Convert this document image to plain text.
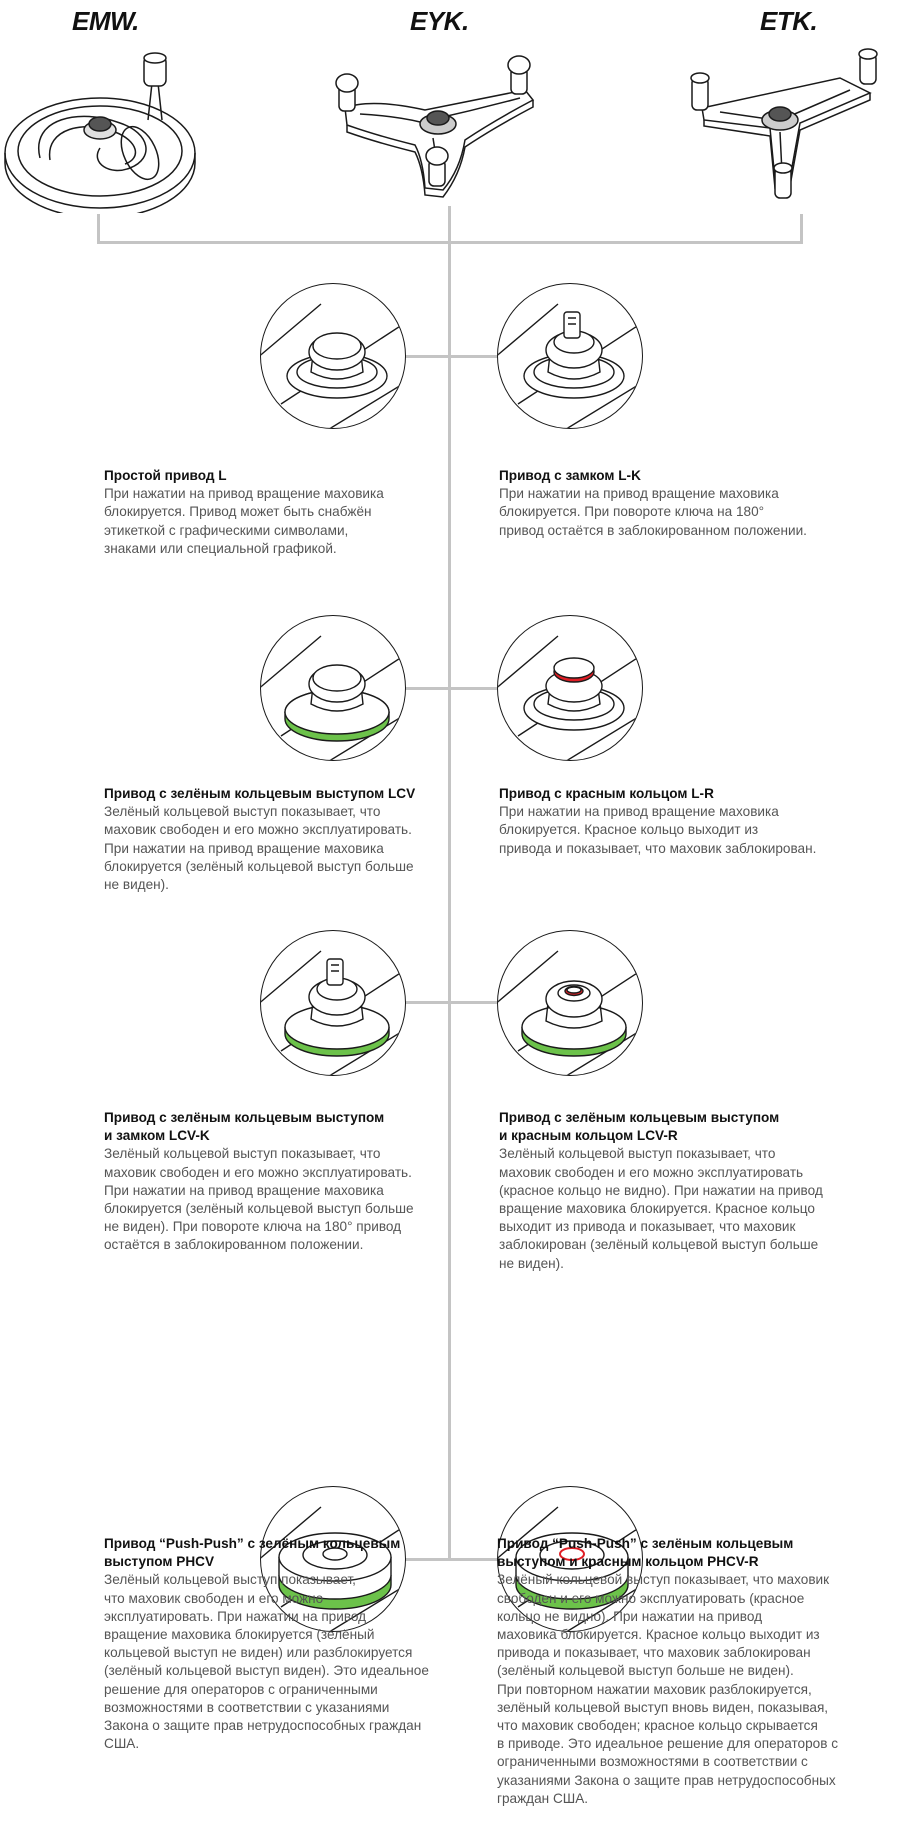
EMW.	EYK.	ETK.
Простой привод L
При нажатии на привод вращение маховика
блокируется. Привод может быть снабжён
этикеткой с графическими символами,
знаками или специальной графикой.
Привод с замком L-K
При нажатии на привод вращение маховика
блокируется. При повороте ключа на 180°
привод остаётся в заблокированном положении.
Привод с зелёным кольцевым выступом LCV
Зелёный кольцевой выступ показывает, что
маховик свободен и его можно эксплуатировать.
При нажатии на привод вращение маховика
блокируется (зелёный кольцевой выступ больше
не виден).
Привод с красным кольцом L-R
При нажатии на привод вращение маховика
блокируется. Красное кольцо выходит из
привода и показывает, что маховик заблокирован.
Привод с зелёным кольцевым выступом
и замком LCV-K
Зелёный кольцевой выступ показывает, что
маховик свободен и его можно эксплуатировать.
При нажатии на привод вращение маховика
блокируется (зелёный кольцевой выступ больше
не виден). При повороте ключа на 180° привод
остаётся в заблокированном положении.
Привод с зелёным кольцевым выступом
и красным кольцом LCV-R
Зелёный кольцевой выступ показывает, что
маховик свободен и его можно эксплуатировать
(красное кольцо не видно). При нажатии на привод
вращение маховика блокируется. Красное кольцо
выходит из привода и показывает, что маховик
заблокирован (зелёный кольцевой выступ больше
не виден).
Привод “Push-Push” с зелёным кольцевым
выступом PHCV
Зелёный кольцевой выступ показывает,
что маховик свободен и его можно
эксплуатировать. При нажатии на привод
вращение маховика блокируется (зелёный
кольцевой выступ не виден) или разблокируется
(зелёный кольцевой выступ виден). Это идеальное
решение для операторов с ограниченными
возможностями в соответствии с указаниями
Закона о защите прав нетрудоспособных граждан
США.
Привод “Push-Push” с зелёным кольцевым
выступом и красным кольцом PHCV-R
Зелёный кольцевой выступ показывает, что маховик
свободен и его можно эксплуатировать (красное
кольцо не видно). При нажатии на привод
маховика блокируется. Красное кольцо выходит из
привода и показывает, что маховик заблокирован
(зелёный кольцевой выступ больше не виден).
При повторном нажатии маховик разблокируется,
зелёный кольцевой выступ вновь виден, показывая,
что маховик свободен; красное кольцо скрывается
в приводе. Это идеальное решение для операторов с
ограниченными возможностями в соответствии с
указаниями Закона о защите прав нетрудоспособных
граждан США.
